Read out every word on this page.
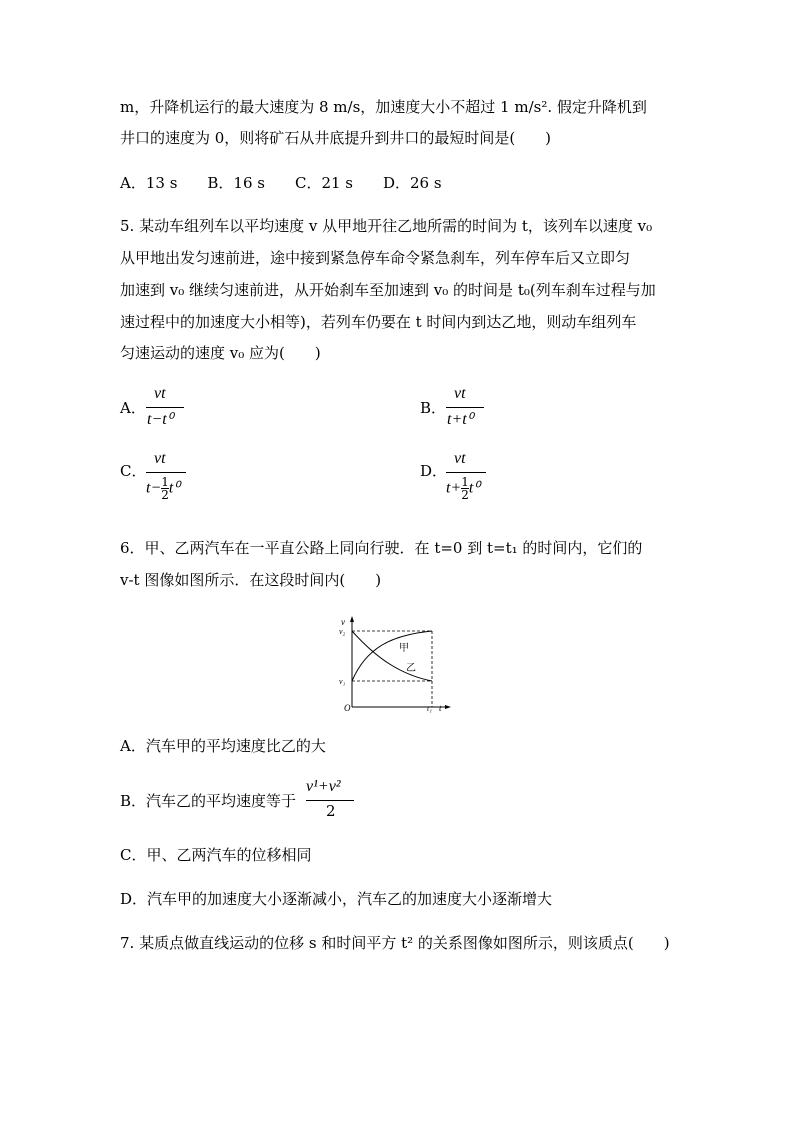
m，升降机运行的最大速度为 8 m/s，加速度大小不超过 1 m/s². 假定升降机到
井口的速度为 0，则将矿石从井底提升到井口的最短时间是(　　)
A．13 s　　B．16 s　　C．21 s　　D．26 s
5. 某动车组列车以平均速度 v 从甲地开往乙地所需的时间为 t，该列车以速度 v₀
从甲地出发匀速前进，途中接到紧急停车命令紧急刹车，列车停车后又立即匀
加速到 v₀ 继续匀速前进，从开始刹车至加速到 v₀ 的时间是 t₀(列车刹车过程与加
速过程中的加速度大小相等)，若列车仍要在 t 时间内到达乙地，则动车组列车
匀速运动的速度 v₀ 应为(　　)
A．
vt
t−t⁰
B．
vt
t+t⁰
C．
vt
$t- \frac{1}{2} t^0$
D．
vt
$t+ \frac{1}{2} t^0$
6．甲、乙两汽车在一平直公路上同向行驶．在 t=0 到 t=t₁ 的时间内，它们的
v-t 图像如图所示．在这段时间内(　　)
v
v₂
v₁
O	t₁ t
甲
乙
A．汽车甲的平均速度比乙的大
B．汽车乙的平均速度等于
v¹+v²
2
C．甲、乙两汽车的位移相同
D．汽车甲的加速度大小逐渐减小，汽车乙的加速度大小逐渐增大
7. 某质点做直线运动的位移 s 和时间平方 t² 的关系图像如图所示，则该质点(　　)
